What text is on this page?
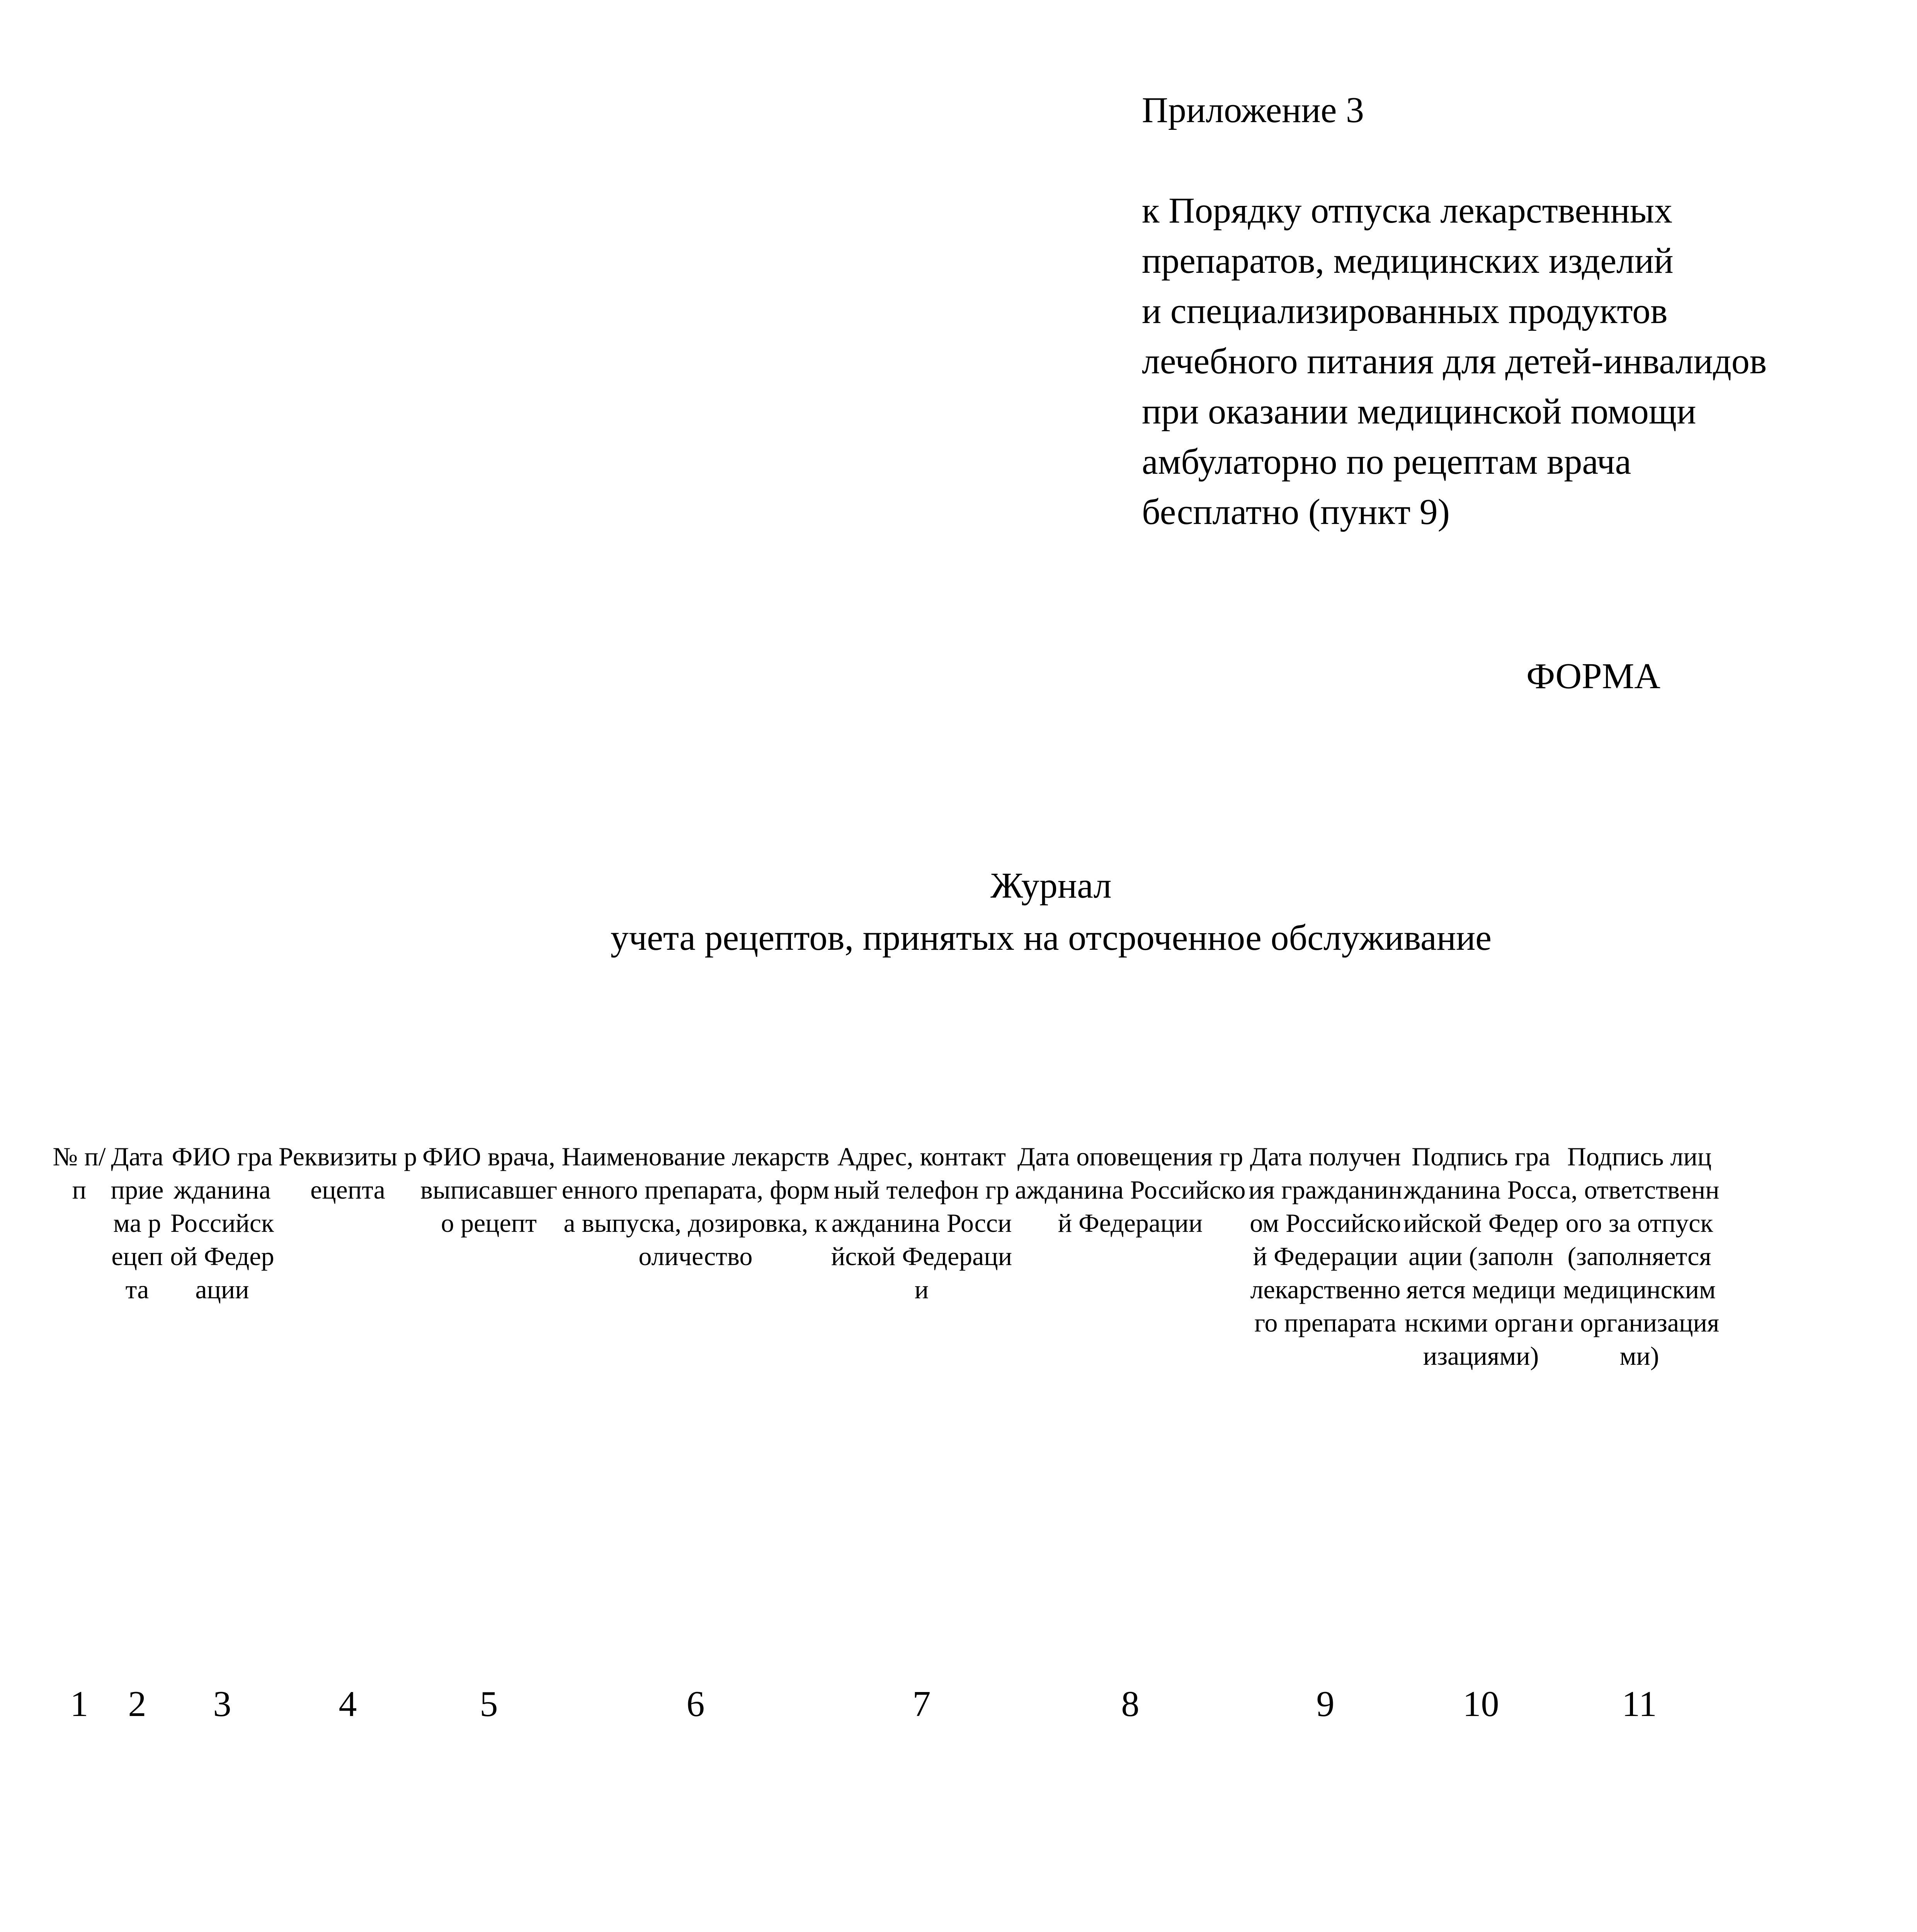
Приложение 3
к Порядку отпуска лекарственных
препаратов, медицинских изделий
и специализированных продуктов
лечебного питания для детей-инвалидов
при оказании медицинской помощи
амбулаторно по рецептам врача
бесплатно (пункт 9)
ФОРМА
Журнал
учета рецептов, принятых на отсроченное обслуживание
№ п/п	Дата приема рецепта	ФИО гражданина Российской Федерации	Реквизиты рецепта	ФИО врача, выписавшего рецепт	Наименование лекарственного препарата, форма выпуска, дозировка, количество	Адрес, контактный телефон гражданина Российской Федерации	Дата оповещения гражданина Российской Федерации	Дата получения гражданином Российской Федерации лекарственного препарата	Подпись гражданина Российской Федерации (заполняется медицинскими организациями)	Подпись лица, ответственного за отпуск (заполняется медицинскими организациями)
1	2	3	4	5	6	7	8	9	10	11
